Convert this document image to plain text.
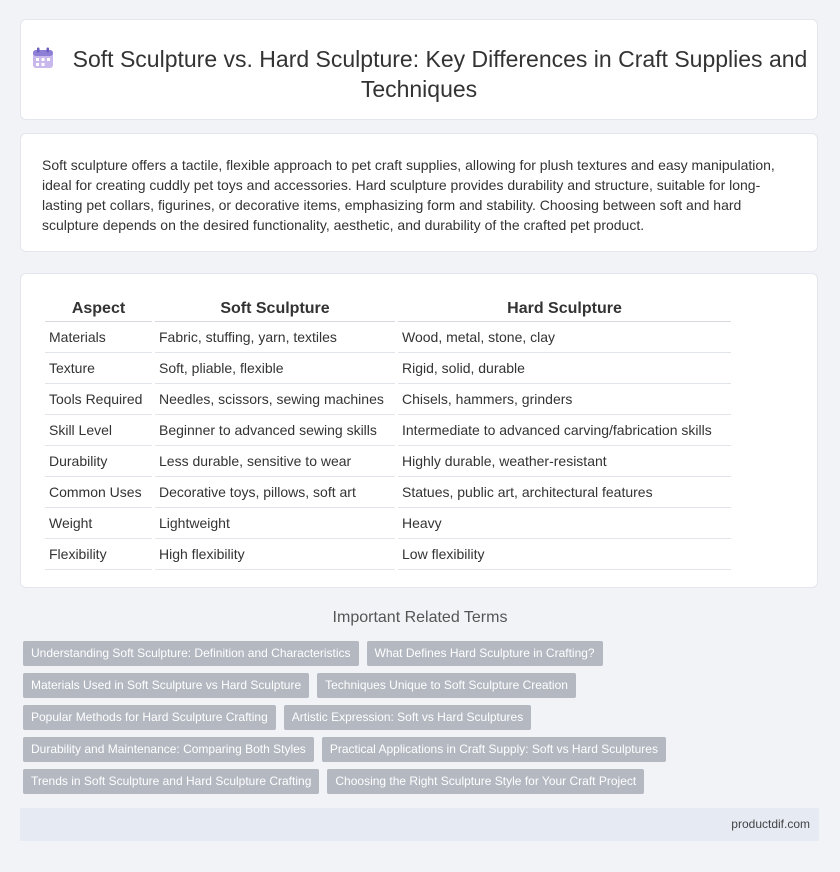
Soft Sculpture vs. Hard Sculpture: Key Differences in Craft Supplies and Techniques

Soft sculpture offers a tactile, flexible approach to pet craft supplies, allowing for plush textures and easy manipulation, ideal for creating cuddly pet toys and accessories. Hard sculpture provides durability and structure, suitable for long-lasting pet collars, figurines, or decorative items, emphasizing form and stability. Choosing between soft and hard sculpture depends on the desired functionality, aesthetic, and durability of the crafted pet product.

Aspect	Soft Sculpture	Hard Sculpture
Materials	Fabric, stuffing, yarn, textiles	Wood, metal, stone, clay
Texture	Soft, pliable, flexible	Rigid, solid, durable
Tools Required	Needles, scissors, sewing machines	Chisels, hammers, grinders
Skill Level	Beginner to advanced sewing skills	Intermediate to advanced carving/fabrication skills
Durability	Less durable, sensitive to wear	Highly durable, weather-resistant
Common Uses	Decorative toys, pillows, soft art	Statues, public art, architectural features
Weight	Lightweight	Heavy
Flexibility	High flexibility	Low flexibility
Important Related Terms
Understanding Soft Sculpture: Definition and Characteristics	What Defines Hard Sculpture in Crafting?
Materials Used in Soft Sculpture vs Hard Sculpture	Techniques Unique to Soft Sculpture Creation
Popular Methods for Hard Sculpture Crafting	Artistic Expression: Soft vs Hard Sculptures
Durability and Maintenance: Comparing Both Styles	Practical Applications in Craft Supply: Soft vs Hard Sculptures
Trends in Soft Sculpture and Hard Sculpture Crafting	Choosing the Right Sculpture Style for Your Craft Project
productdif.com
